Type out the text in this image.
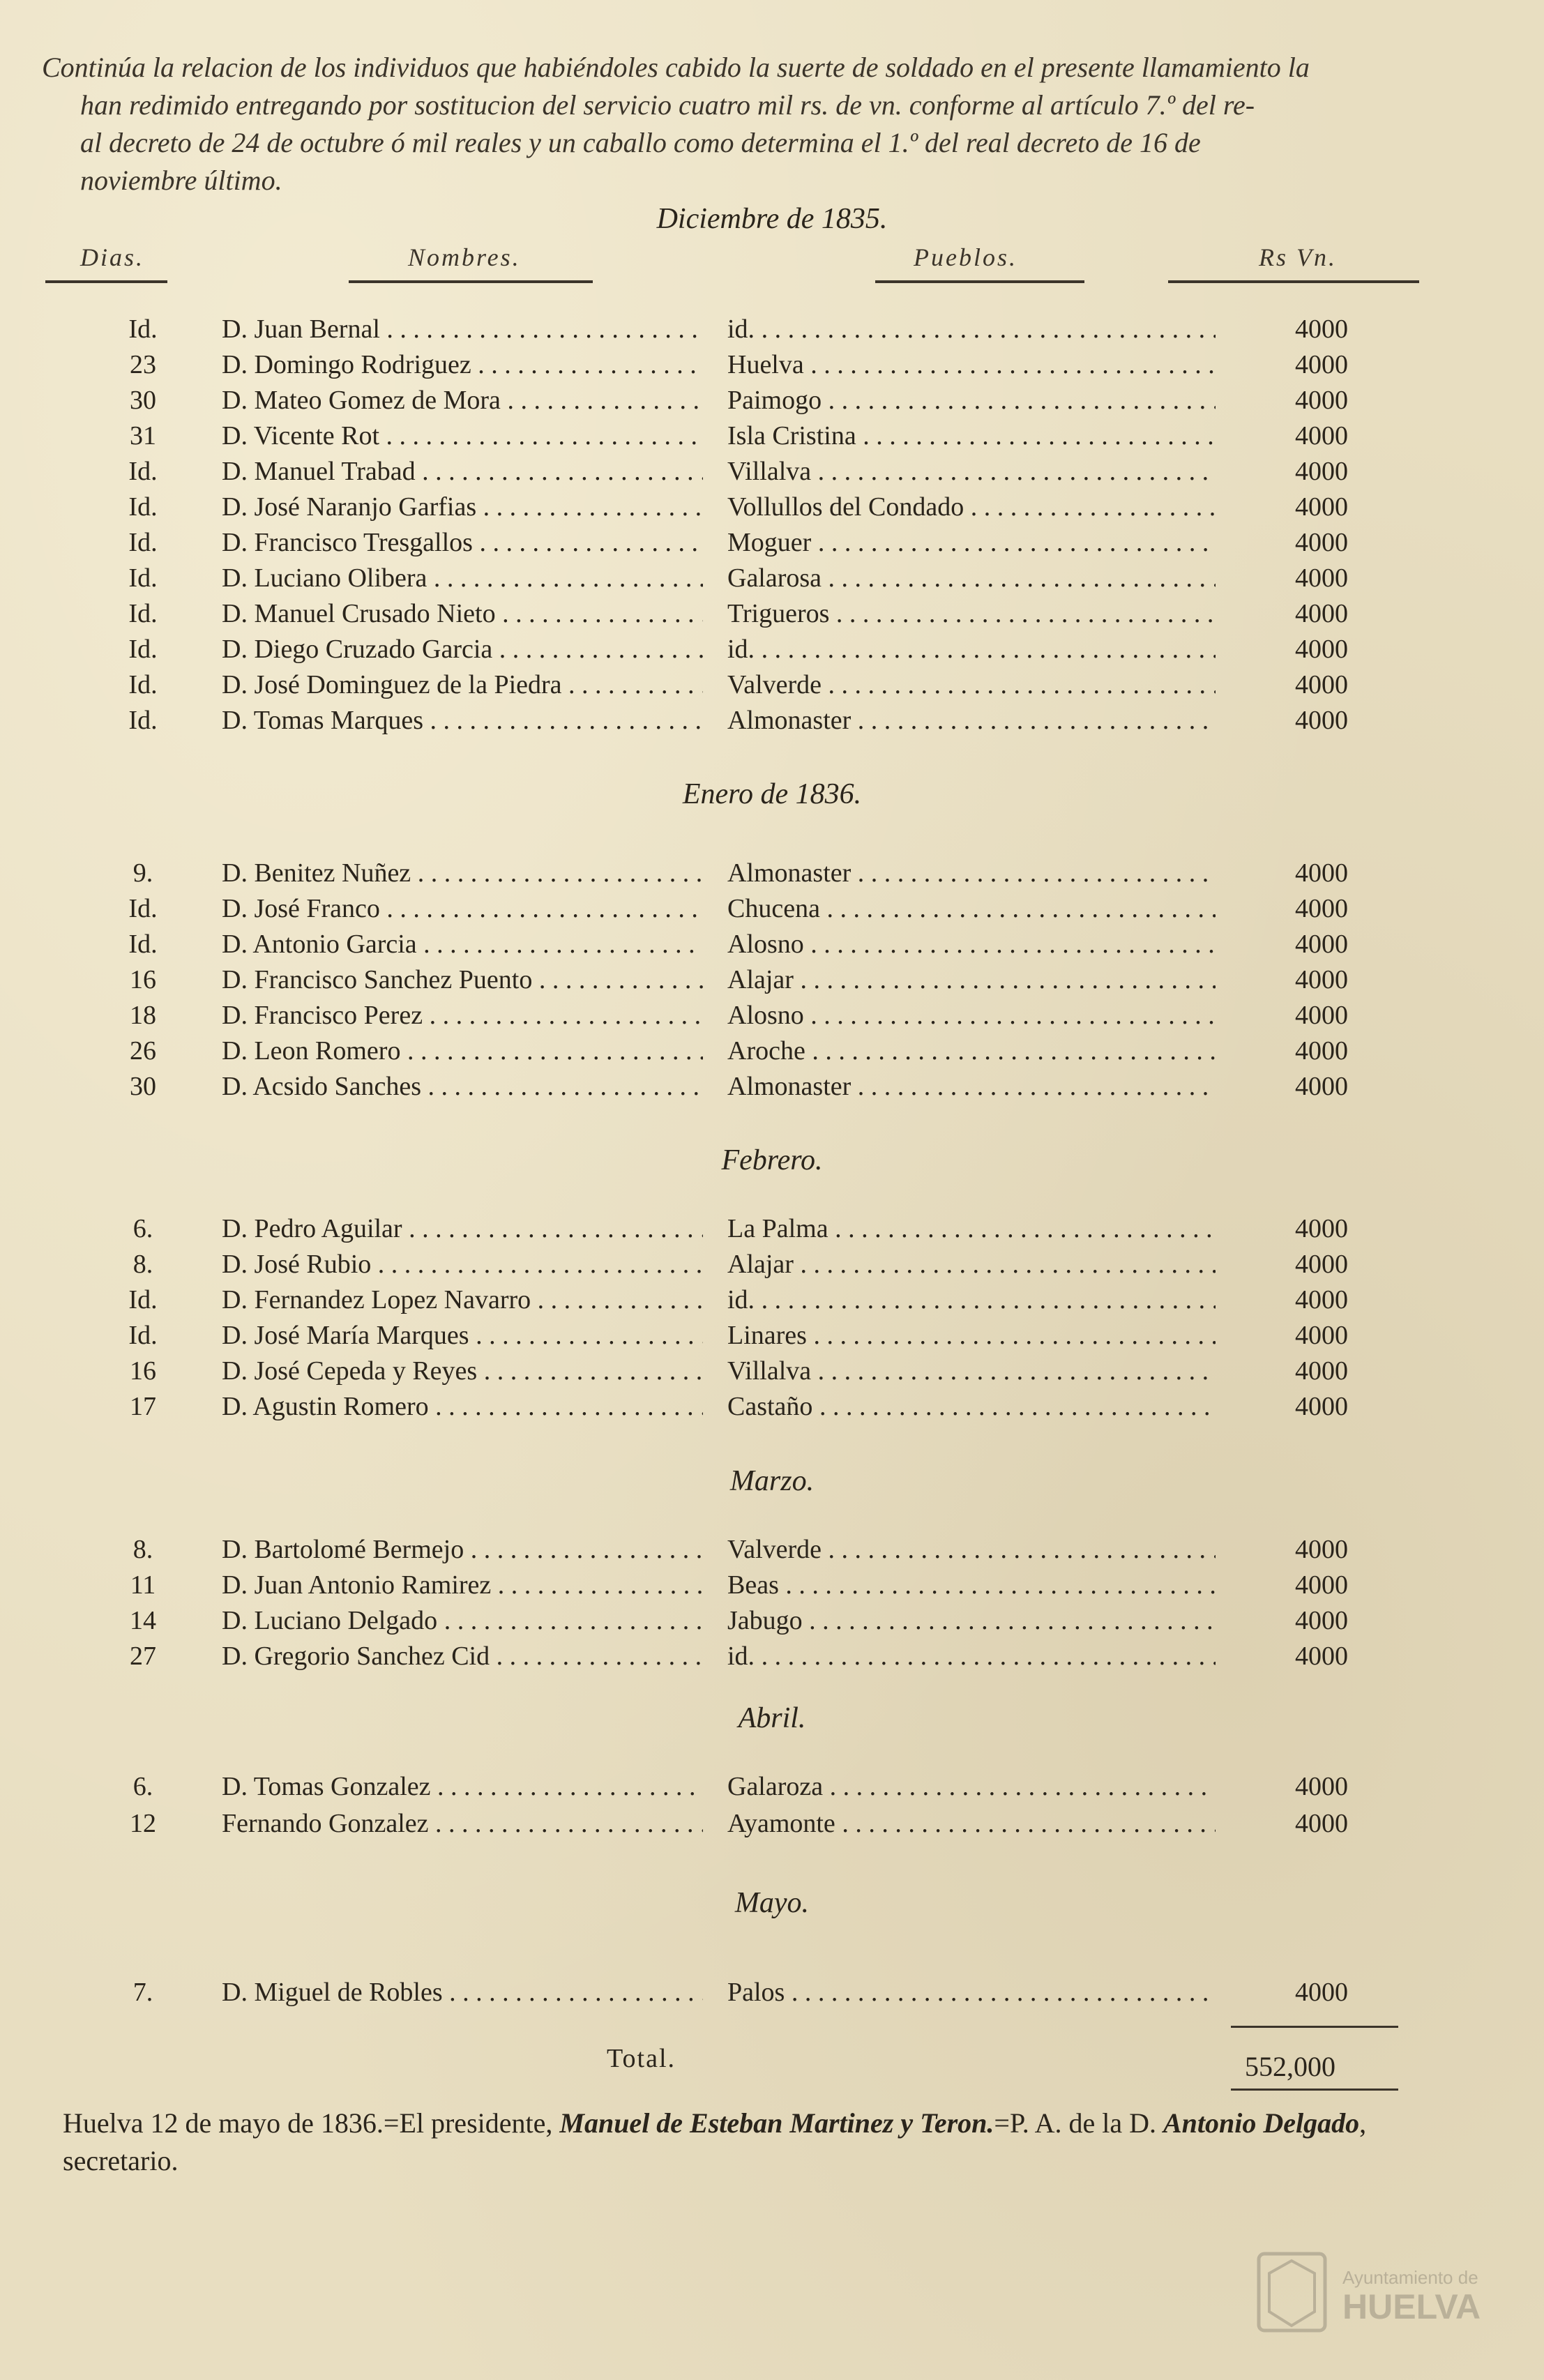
Continúa la relacion de los individuos que habiéndoles cabido la suerte de soldado en el presente llamamiento la
han redimido entregando por sostitucion del servicio cuatro mil rs. de vn. conforme al artículo 7.º del re-
al decreto de 24 de octubre ó mil reales y un caballo como determina el 1.º del real decreto de 16 de
noviembre último.
Dias.	Nombres.	Pueblos.	Rs Vn.
Diciembre de 1835.
Enero de 1836.
Febrero.
Marzo.
Abril.
Mayo.
Id.	D. Juan Bernal . . .	id. . . .	4000
23	D. Domingo Rodriguez . . .	Huelva . . .	4000
30	D. Mateo Gomez de Mora . . .	Paimogo . . .	4000
31	D. Vicente Rot . . .	Isla Cristina . . .	4000
Id.	D. Manuel Trabad . . .	Villalva . . .	4000
Id.	D. José Naranjo Garfias . . .	Vollullos del Condado . . .	4000
Id.	D. Francisco Tresgallos . . .	Moguer . . .	4000
Id.	D. Luciano Olibera . . .	Galarosa . . .	4000
Id.	D. Manuel Crusado Nieto . . .	Trigueros . . .	4000
Id.	D. Diego Cruzado Garcia . . .	id. . . .	4000
Id.	D. José Dominguez de la Piedra . . .	Valverde . . .	4000
Id.	D. Tomas Marques . . .	Almonaster . . .	4000
9.	D. Benitez Nuñez . . .	Almonaster . . .	4000
Id.	D. José Franco . . .	Chucena . . .	4000
Id.	D. Antonio Garcia . . .	Alosno . . .	4000
16	D. Francisco Sanchez Puento . . .	Alajar . . .	4000
18	D. Francisco Perez . . .	Alosno . . .	4000
26	D. Leon Romero . . .	Aroche . . .	4000
30	D. Acsido Sanches . . .	Almonaster . . .	4000
6.	D. Pedro Aguilar . . .	La Palma . . .	4000
8.	D. José Rubio . . .	Alajar . . .	4000
Id.	D. Fernandez Lopez Navarro . . .	id. . . .	4000
Id.	D. José María Marques . . .	Linares . . .	4000
16	D. José Cepeda y Reyes . . .	Villalva . . .	4000
17	D. Agustin Romero . . .	Castaño . . .	4000
8.	D. Bartolomé Bermejo . . .	Valverde . . .	4000
11	D. Juan Antonio Ramirez . . .	Beas . . .	4000
14	D. Luciano Delgado . . .	Jabugo . . .	4000
27	D. Gregorio Sanchez Cid . . .	id. . . .	4000
6.	D. Tomas Gonzalez . . .	Galaroza . . .	4000
12	Fernando Gonzalez . . .	Ayamonte . . .	4000
7.	D. Miguel de Robles . . .	Palos . . .	4000
Total.	552,000
Huelva 12 de mayo de 1836.=El presidente, Manuel de Esteban Martinez y Teron.=P. A. de la D. Antonio Delgado, secretario.
Ayuntamiento de
HUELVA
